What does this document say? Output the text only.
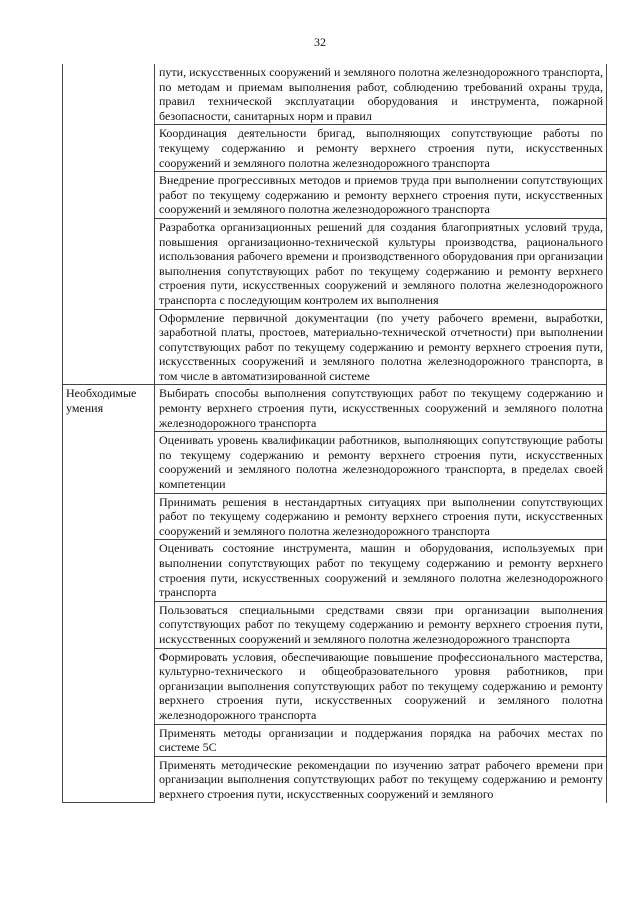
32

	пути, искусственных сооружений и земляного полотна железнодорожного транспорта, по методам и приемам выполнения работ, соблюдению требований охраны труда, правил технической эксплуатации оборудования и инструмента, пожарной безопасности, санитарных норм и правил

	Координация деятельности бригад, выполняющих сопутствующие работы по текущему содержанию и ремонту верхнего строения пути, искусственных сооружений и земляного полотна железнодорожного транспорта

	Внедрение прогрессивных методов и приемов труда при выполнении сопутствующих работ по текущему содержанию и ремонту верхнего строения пути, искусственных сооружений и земляного полотна железнодорожного транспорта

	Разработка организационных решений для создания благоприятных условий труда, повышения организационно-технической культуры производства, рационального использования рабочего времени и производственного оборудования при организации выполнения сопутствующих работ по текущему содержанию и ремонту верхнего строения пути, искусственных сооружений и земляного полотна железнодорожного транспорта с последующим контролем их выполнения

	Оформление первичной документации (по учету рабочего времени, выработки, заработной платы, простоев, материально-технической отчетности) при выполнении сопутствующих работ по текущему содержанию и ремонту верхнего строения пути, искусственных сооружений и земляного полотна железнодорожного транспорта, в том числе в автоматизированной системе

Необходимые умения	Выбирать способы выполнения сопутствующих работ по текущему содержанию и ремонту верхнего строения пути, искусственных сооружений и земляного полотна железнодорожного транспорта

	Оценивать уровень квалификации работников, выполняющих сопутствующие работы по текущему содержанию и ремонту верхнего строения пути, искусственных сооружений и земляного полотна железнодорожного транспорта, в пределах своей компетенции

	Принимать решения в нестандартных ситуациях при выполнении сопутствующих работ по текущему содержанию и ремонту верхнего строения пути, искусственных сооружений и земляного полотна железнодорожного транспорта

	Оценивать состояние инструмента, машин и оборудования, используемых при выполнении сопутствующих работ по текущему содержанию и ремонту верхнего строения пути, искусственных сооружений и земляного полотна железнодорожного транспорта

	Пользоваться специальными средствами связи при организации выполнения сопутствующих работ по текущему содержанию и ремонту верхнего строения пути, искусственных сооружений и земляного полотна железнодорожного транспорта

	Формировать условия, обеспечивающие повышение профессионального мастерства, культурно-технического и общеобразовательного уровня работников, при организации выполнения сопутствующих работ по текущему содержанию и ремонту верхнего строения пути, искусственных сооружений и земляного полотна железнодорожного транспорта

	Применять методы организации и поддержания порядка на рабочих местах по системе 5С

	Применять методические рекомендации по изучению затрат рабочего времени при организации выполнения сопутствующих работ по текущему содержанию и ремонту верхнего строения пути, искусственных сооружений и земляного
